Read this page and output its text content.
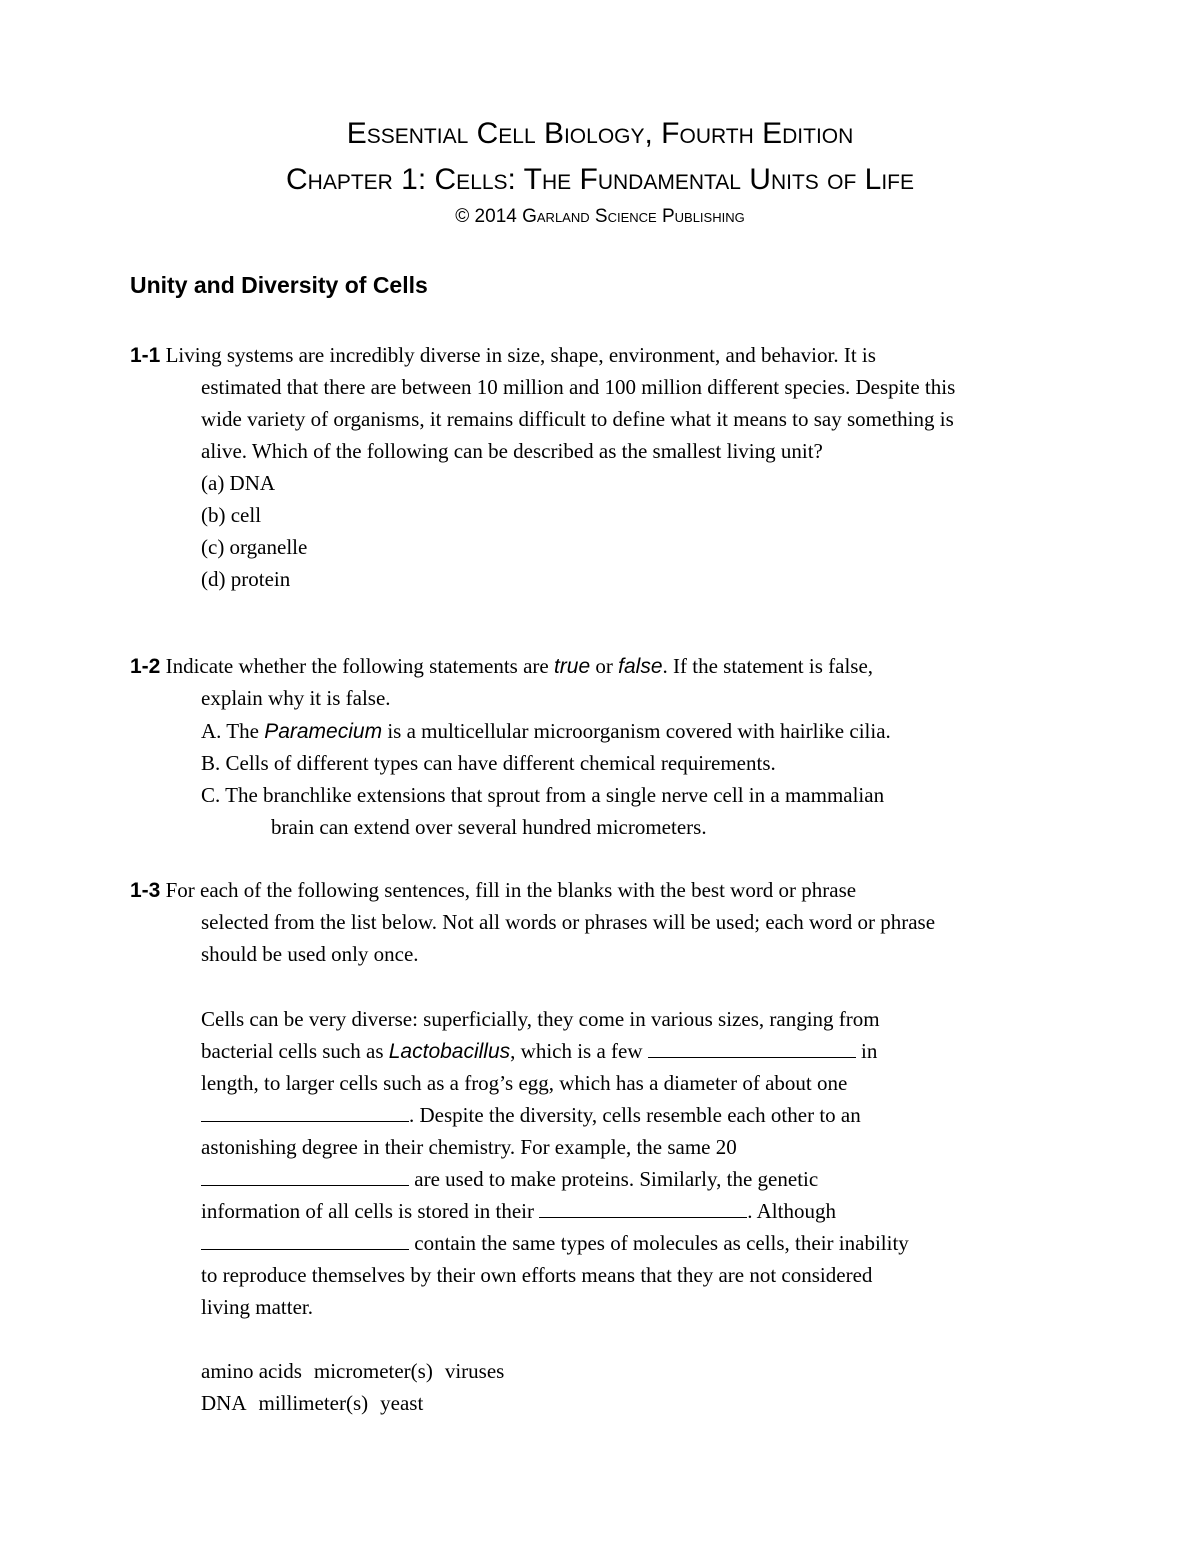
Essential Cell Biology, Fourth Edition
Chapter 1: Cells: The Fundamental Units of Life
© 2014 Garland Science Publishing
Unity and Diversity of Cells
1-1 Living systems are incredibly diverse in size, shape, environment, and behavior. It is
estimated that there are between 10 million and 100 million different species. Despite this
wide variety of organisms, it remains difficult to define what it means to say something is
alive. Which of the following can be described as the smallest living unit?
(a) DNA
(b) cell
(c) organelle
(d) protein
1-2 Indicate whether the following statements are true or false. If the statement is false,
explain why it is false.
A. The Paramecium is a multicellular microorganism covered with hairlike cilia.
B. Cells of different types can have different chemical requirements.
C. The branchlike extensions that sprout from a single nerve cell in a mammalian
brain can extend over several hundred micrometers.
1-3 For each of the following sentences, fill in the blanks with the best word or phrase
selected from the list below. Not all words or phrases will be used; each word or phrase
should be used only once.
Cells can be very diverse: superficially, they come in various sizes, ranging from
bacterial cells such as Lactobacillus, which is a few	in
length, to larger cells such as a frog’s egg, which has a diameter of about one
. Despite the diversity, cells resemble each other to an
astonishing degree in their chemistry. For example, the same 20
are used to make proteins. Similarly, the genetic
information of all cells is stored in their	. Although
contain the same types of molecules as cells, their inability
to reproduce themselves by their own efforts means that they are not considered
living matter.
amino acids micrometer(s) viruses
DNA millimeter(s) yeast
